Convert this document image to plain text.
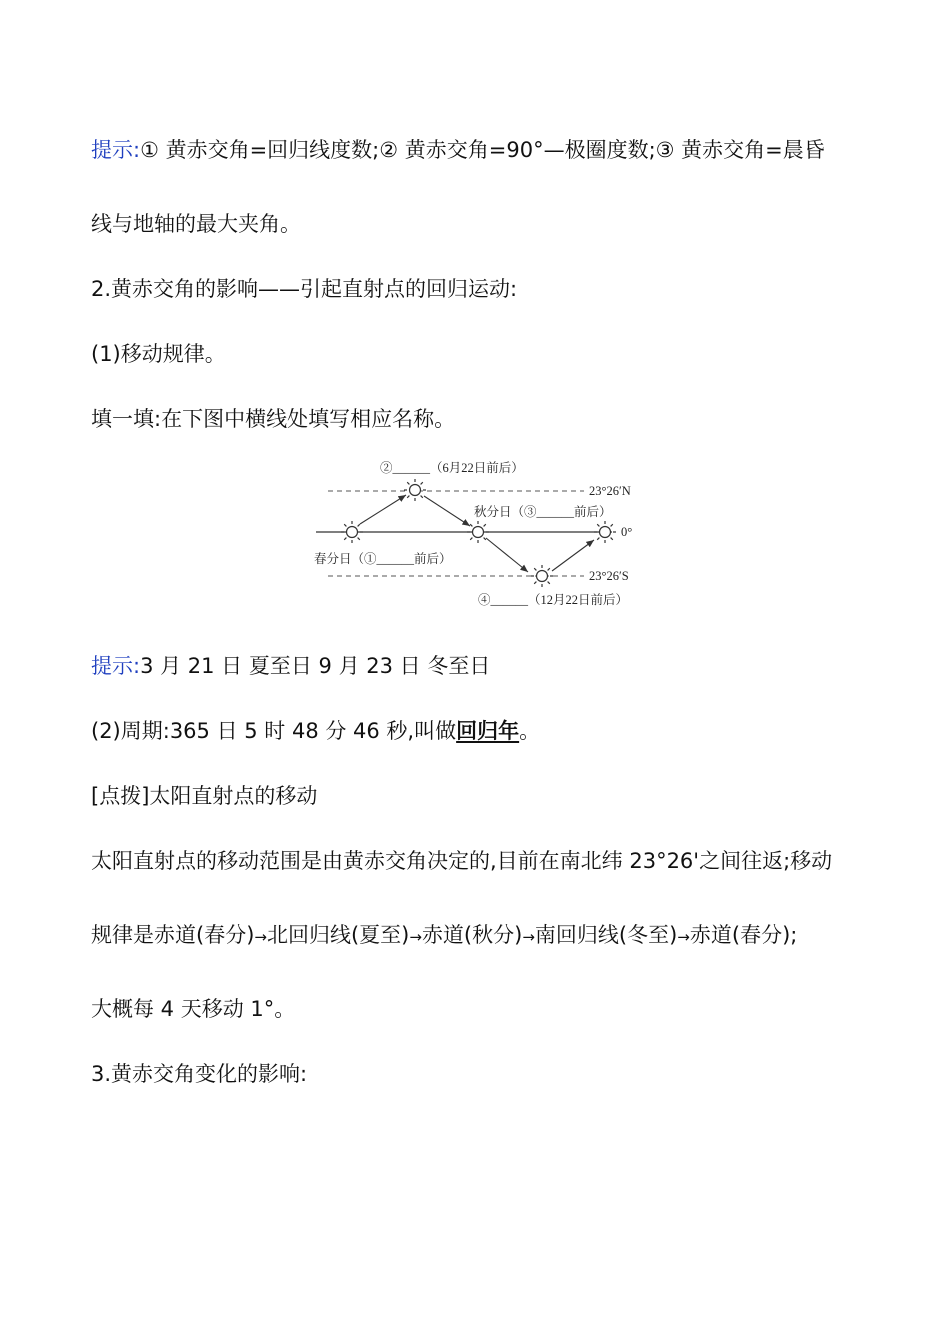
提示:① 黄赤交角=回归线度数;② 黄赤交角=90°—极圈度数;③ 黄赤交角=晨昏
线与地轴的最大夹角。
2.黄赤交角的影响——引起直射点的回归运动:
(1)移动规律。
填一填:在下图中横线处填写相应名称。
②______（6月22日前后）
23°26′N
秋分日（③______前后）
0°
春分日（①______前后）
23°26′S
④______（12月22日前后）
提示:3 月 21 日 夏至日 9 月 23 日 冬至日
(2)周期:365 日 5 时 48 分 46 秒,叫做回归年。
[点拨]太阳直射点的移动
太阳直射点的移动范围是由黄赤交角决定的,目前在南北纬 23°26'之间往返;移动
规律是赤道(春分)→北回归线(夏至)→赤道(秋分)→南回归线(冬至)→赤道(春分);
大概每 4 天移动 1°。
3.黄赤交角变化的影响:
